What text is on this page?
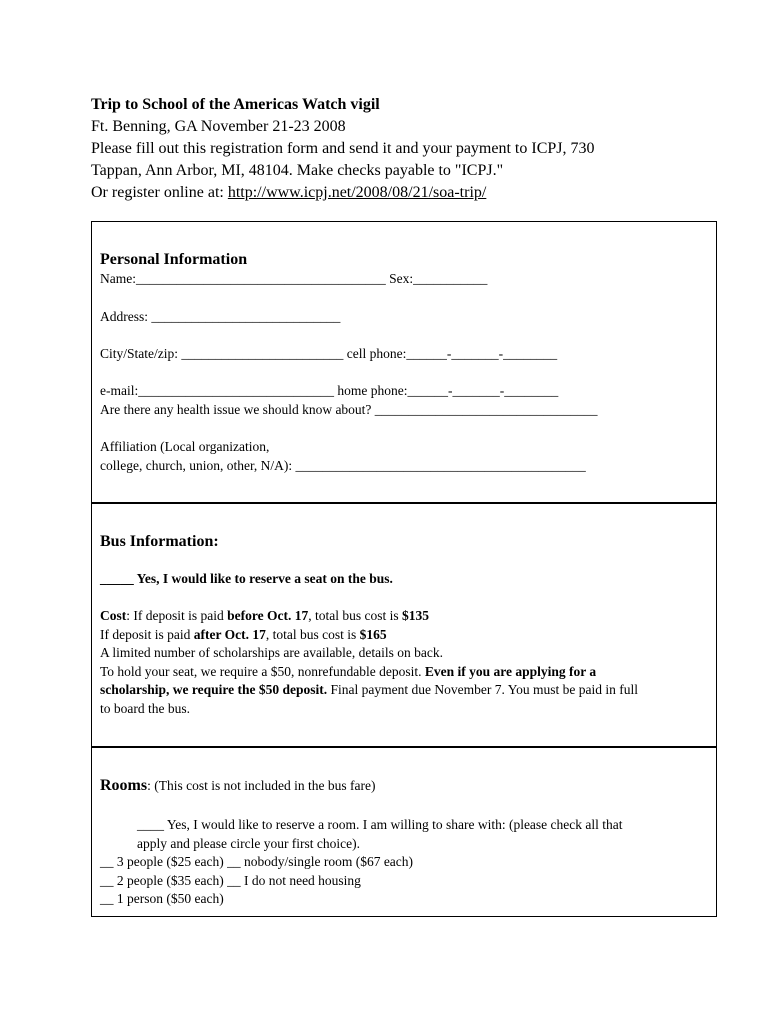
Trip to School of the Americas Watch vigil
Ft. Benning, GA November 21-23 2008
Please fill out this registration form and send it and your payment to ICPJ, 730
Tappan, Ann Arbor, MI, 48104. Make checks payable to "ICPJ."
Or register online at: http://www.icpj.net/2008/08/21/soa-trip/
Personal Information
Name:_____________________________________ Sex:___________
Address: ____________________________
City/State/zip: ________________________ cell phone:______-_______-________
e-mail:_____________________________ home phone:______-_______-________
Are there any health issue we should know about? _________________________________
Affiliation (Local organization,
college, church, union, other, N/A): ___________________________________________
Bus Information:
_____ Yes, I would like to reserve a seat on the bus.
Cost: If deposit is paid before Oct. 17, total bus cost is $135
If deposit is paid after Oct. 17, total bus cost is $165
A limited number of scholarships are available, details on back.
To hold your seat, we require a $50, nonrefundable deposit. Even if you are applying for a
scholarship, we require the $50 deposit. Final payment due November 7. You must be paid in full
to board the bus.
Rooms: (This cost is not included in the bus fare)
____ Yes, I would like to reserve a room. I am willing to share with: (please check all that
apply and please circle your first choice).
__ 3 people ($25 each) __ nobody/single room ($67 each)
__ 2 people ($35 each) __ I do not need housing
__ 1 person ($50 each)
